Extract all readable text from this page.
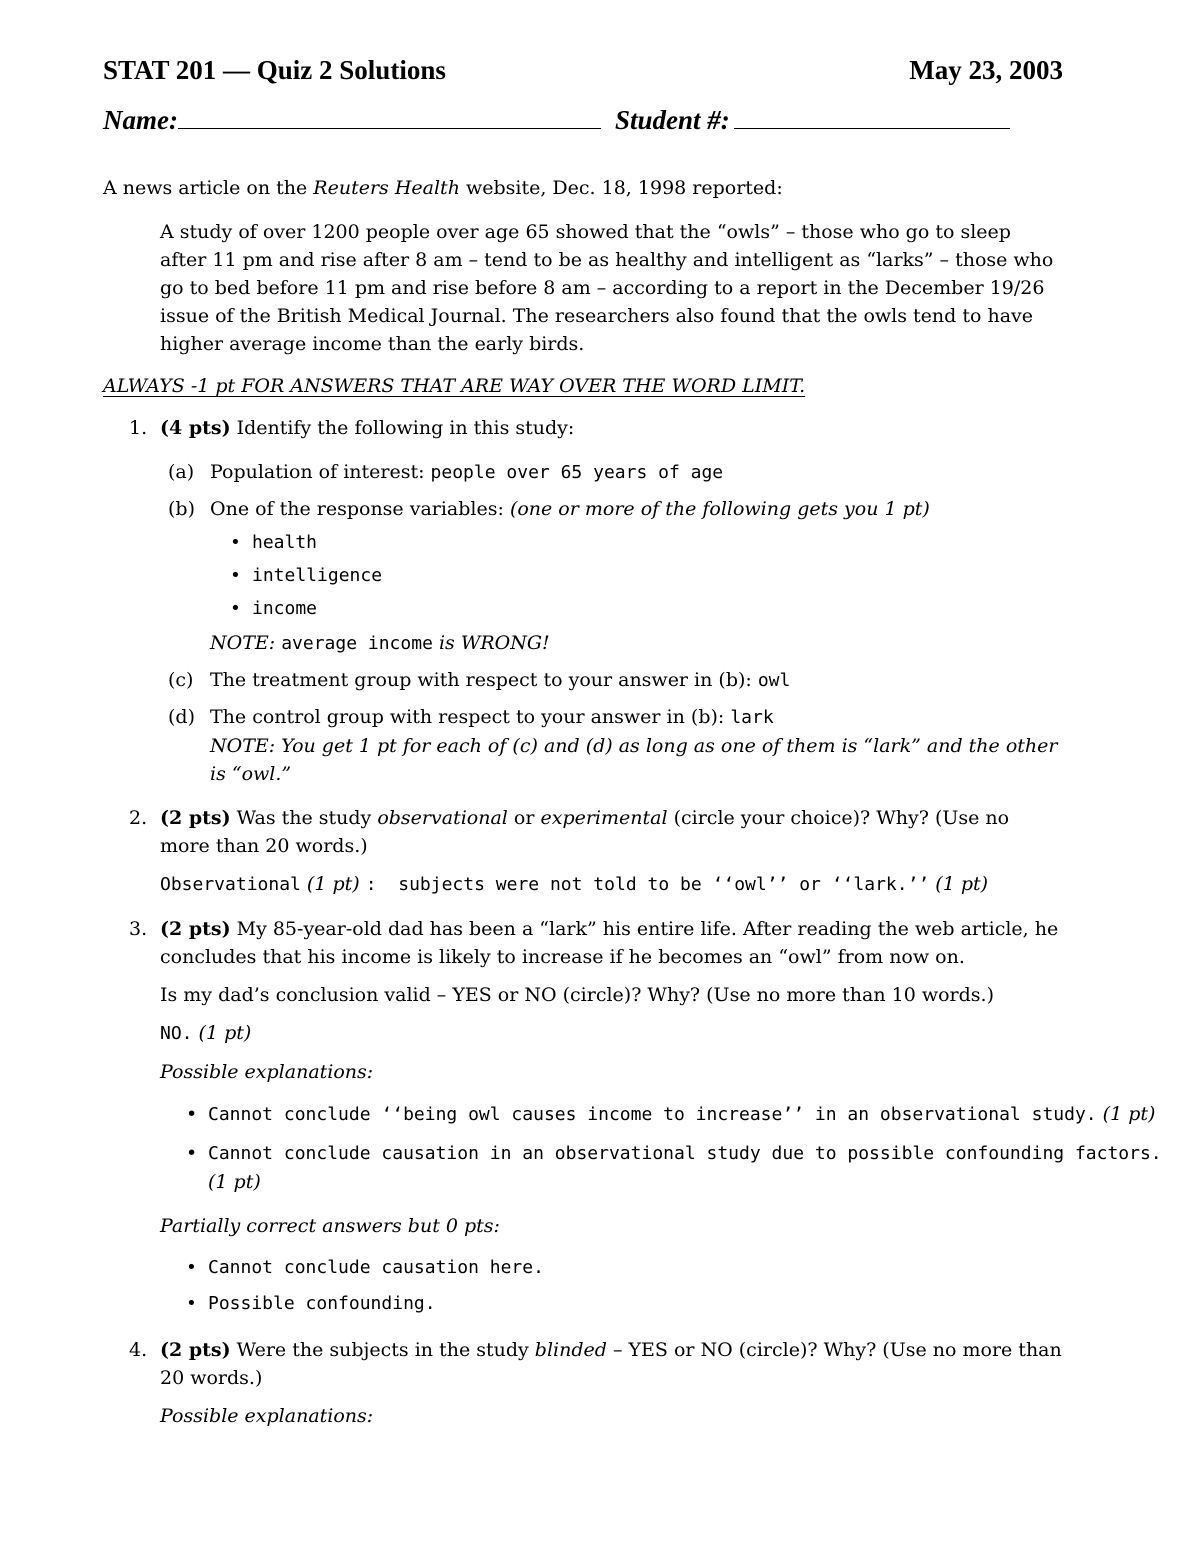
STAT 201 — Quiz 2 Solutions	May 23, 2003
Name:	Student #:
A news article on the Reuters Health website, Dec. 18, 1998 reported:
A study of over 1200 people over age 65 showed that the “owls” – those who go to sleep after 11 pm and rise after 8 am – tend to be as healthy and intelligent as “larks” – those who go to bed before 11 pm and rise before 8 am – according to a report in the December 19/26 issue of the British Medical Journal. The researchers also found that the owls tend to have higher average income than the early birds.
ALWAYS -1 pt FOR ANSWERS THAT ARE WAY OVER THE WORD LIMIT.
1. (4 pts) Identify the following in this study:
(a) Population of interest: people over 65 years of age
(b) One of the response variables: (one or more of the following gets you 1 pt)
• health
• intelligence
• income
NOTE: average income is WRONG!
(c) The treatment group with respect to your answer in (b): owl
(d) The control group with respect to your answer in (b): lark
NOTE: You get 1 pt for each of (c) and (d) as long as one of them is “lark” and the other is “owl.”
2. (2 pts) Was the study observational or experimental (circle your choice)? Why? (Use no more than 20 words.)
Observational (1 pt) :  subjects were not told to be ‘‘owl’’ or ‘‘lark.’’ (1 pt)
3. (2 pts) My 85-year-old dad has been a “lark” his entire life. After reading the web article, he concludes that his income is likely to increase if he becomes an “owl” from now on.
Is my dad’s conclusion valid – YES or NO (circle)? Why? (Use no more than 10 words.)
NO. (1 pt)
Possible explanations:
• Cannot conclude ‘‘being owl causes income to increase’’ in an observational study. (1 pt)
• Cannot conclude causation in an observational study due to possible confounding factors. (1 pt)
Partially correct answers but 0 pts:
• Cannot conclude causation here.
• Possible confounding.
4. (2 pts) Were the subjects in the study blinded – YES or NO (circle)? Why? (Use no more than 20 words.)
Possible explanations:
